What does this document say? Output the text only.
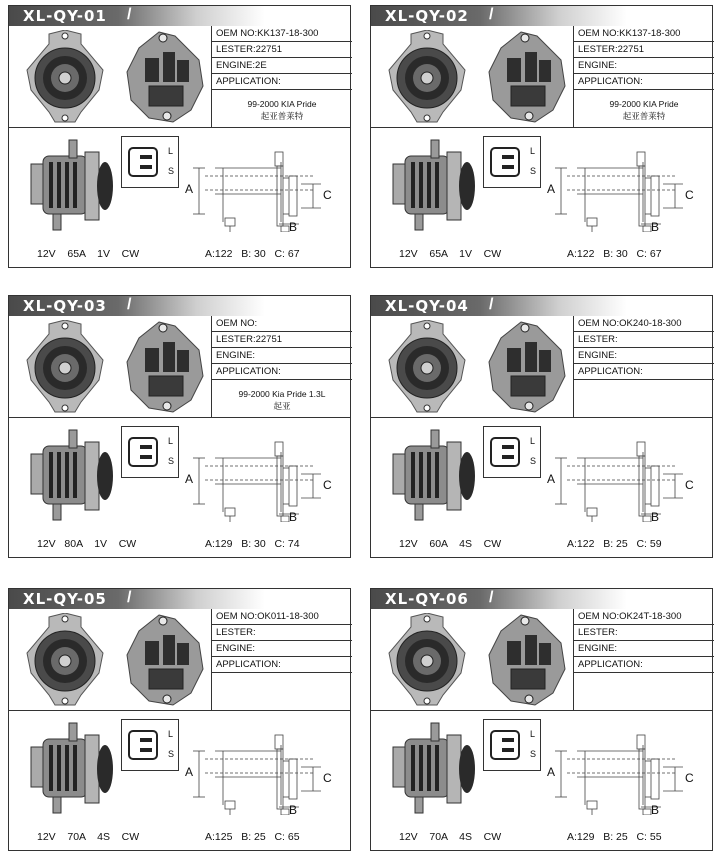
XL-QY-01 /
OEM NO:KK137-18-300
LESTER:22751
ENGINE:2E
APPLICATION:
99-2000 KIA Pride
起亚普莱特
L
S
A	C
B
12V    65A    1V    CW	A:122   B: 30   C: 67
XL-QY-02 /
OEM NO:KK137-18-300
LESTER:22751
ENGINE:
APPLICATION:
99-2000 KIA Pride
起亚普莱特
L
S
A	C
B
12V    65A    1V    CW	A:122   B: 30   C: 67
XL-QY-03 /
OEM NO:
LESTER:22751
ENGINE:
APPLICATION:
99-2000 Kia Pride 1.3L
起亚
L
S
A	C
B
12V   80A    1V    CW	A:129   B: 30   C: 74
XL-QY-04 /
OEM NO:OK240-18-300
LESTER:
ENGINE:
APPLICATION:
L
S
A	C
B
12V    60A    4S    CW	A:122   B: 25   C: 59
XL-QY-05 /
OEM NO:OK011-18-300
LESTER:
ENGINE:
APPLICATION:
L
S
A	C
B
12V    70A    4S    CW	A:125   B: 25   C: 65
XL-QY-06 /
OEM NO:OK24T-18-300
LESTER:
ENGINE:
APPLICATION:
L
S
A	C
B
12V    70A    4S    CW	A:129   B: 25   C: 55
